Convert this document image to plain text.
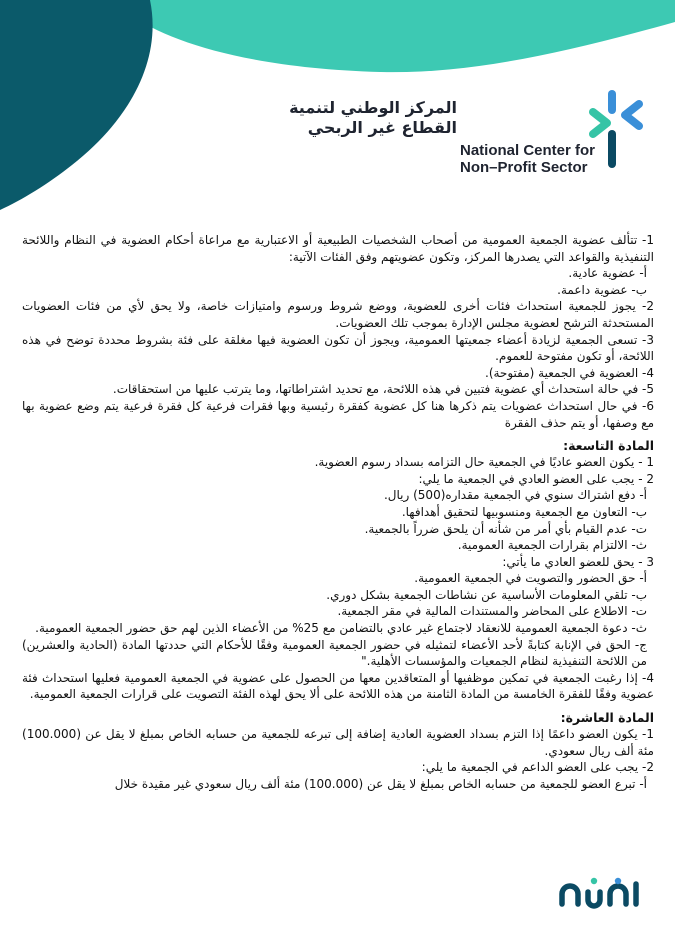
المركز الوطني لتنمية
القطاع غير الربحي
National Center for
Non–Profit Sector

1- تتألف عضوية الجمعية العمومية من أصحاب الشخصيات الطبيعية أو الاعتبارية مع مراعاة أحكام العضوية في النظام واللائحة التنفيذية والقواعد التي يصدرها المركز، وتكون عضويتهم وفق الفئات الآتية:

أ- عضوية عادية.

ب- عضوية داعمة.

2- يجوز للجمعية استحداث فئات أخرى للعضوية، ووضع شروط ورسوم وامتيازات خاصة، ولا يحق لأي من فئات العضويات المستحدثة الترشح لعضوية مجلس الإدارة بموجب تلك العضويات.

3- تسعى الجمعية لزيادة أعضاء جمعيتها العمومية، ويجوز أن تكون العضوية فيها مغلقة على فئة بشروط محددة توضح في هذه اللائحة، أو تكون مفتوحة للعموم.

4- العضوية في الجمعية (مفتوحة).

5- في حالة استحداث أي عضوية فتبين في هذه اللائحة، مع تحديد اشتراطاتها، وما يترتب عليها من استحقاقات.

6- في حال استحداث عضويات يتم ذكرها هنا كل عضوية كفقرة رئيسية وبها فقرات فرعية كل فقرة فرعية يتم وضع عضوية بها مع وصفها، أو يتم حذف الفقرة

المادة التاسعة:

1 - يكون العضو عاديًا في الجمعية حال التزامه بسداد رسوم العضوية.

2 - يجب على العضو العادي في الجمعية ما يلي:

أ- دفع اشتراك سنوي في الجمعية مقداره(500) ريال.

ب- التعاون مع الجمعية ومنسوبيها لتحقيق أهدافها.

ت- عدم القيام بأي أمر من شأنه أن يلحق ضرراً بالجمعية.

ث- الالتزام بقرارات الجمعية العمومية.

3 - يحق للعضو العادي ما يأتي:

أ- حق الحضور والتصويت في الجمعية العمومية.

ب- تلقي المعلومات الأساسية عن نشاطات الجمعية بشكل دوري.

ت- الاطلاع على المحاضر والمستندات المالية في مقر الجمعية.

ث- دعوة الجمعية العمومية للانعقاد لاجتماع غير عادي بالتضامن مع 25% من الأعضاء الذين لهم حق حضور الجمعية العمومية.

ج- الحق في الإنابة كتابةً لأحد الأعضاء لتمثيله في حضور الجمعية العمومية وفقًا للأحكام التي حددتها المادة (الحادية والعشرين) من اللائحة التنفيذية لنظام الجمعيات والمؤسسات الأهلية."

4- إذا رغبت الجمعية في تمكين موظفيها أو المتعاقدين معها من الحصول على عضوية في الجمعية العمومية فعليها استحداث فئة عضوية وفقًا للفقرة الخامسة من المادة الثامنة من هذه اللائحة على ألا يحق لهذه الفئة التصويت على قرارات الجمعية العمومية.

المادة العاشرة:

1- يكون العضو داعمًا إذا التزم بسداد العضوية العادية إضافة إلى تبرعه للجمعية من حسابه الخاص بمبلغ لا يقل عن (100.000) مئة ألف ريال سعودي.

2- يجب على العضو الداعم في الجمعية ما يلي:

أ- تبرع العضو للجمعية من حسابه الخاص بمبلغ لا يقل عن (100.000) مئة ألف ريال سعودي غير مقيدة خلال
